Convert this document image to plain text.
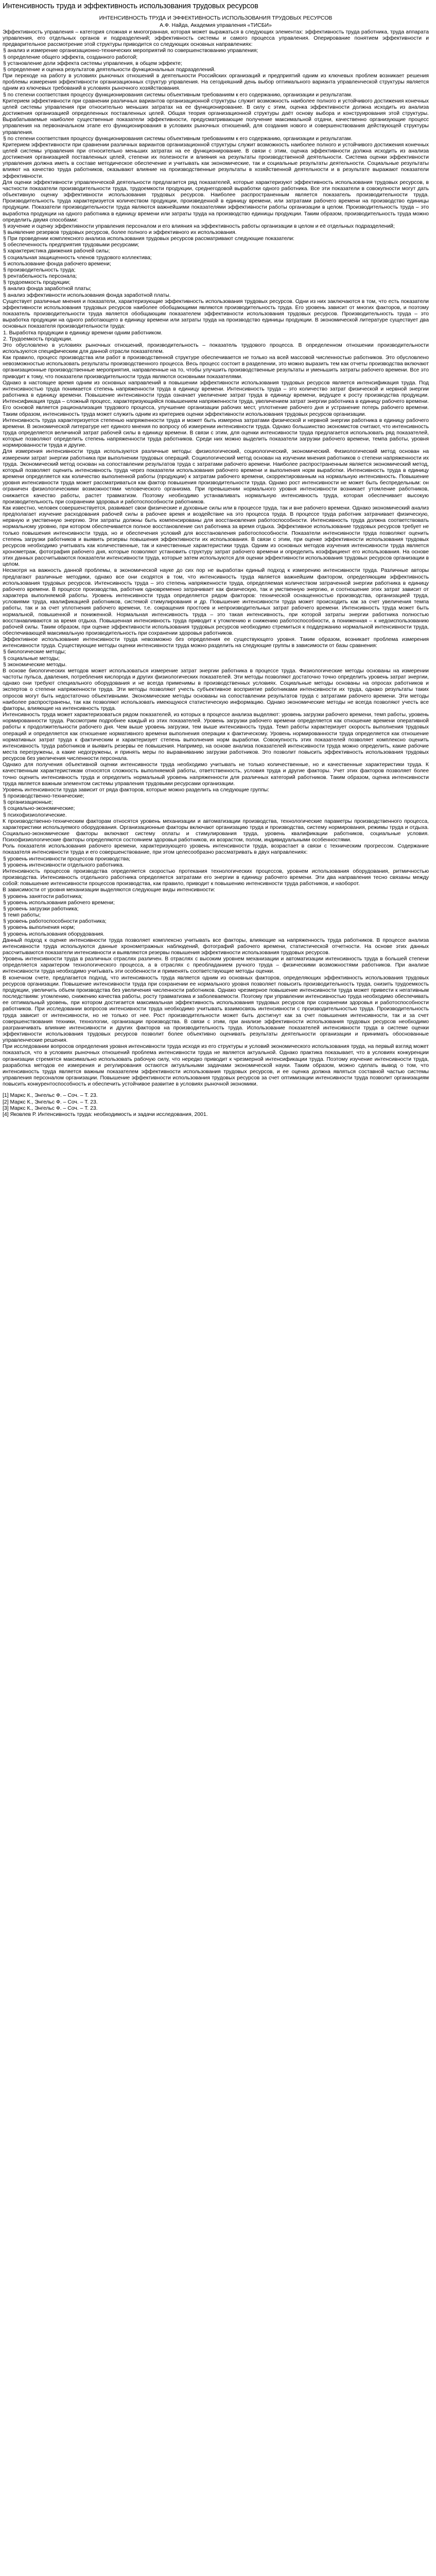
Интенсивность труда и эффективность использования трудовых ресурсов
ИНТЕНСИВНОСТЬ ТРУДА И ЭФФЕКТИВНОСТЬ ИСПОЛЬЗОВАНИЯ ТРУДОВЫХ РЕСУРСОВ
А.Ф. Найда, Академия управления «ТИСБИ»

Эффективность управления – категория сложная и многогранная, которая может выражаться в следующих элементах: эффективность труда работника, труда аппарата управления, его отдельных органов и подразделений; эффективность системы и самого процесса управления. Оперирование понятием эффективности и предварительное рассмотрение этой структуры приводится со следующих основных направлениях:

§ анализ и измерение организационно-технических мероприятий по совершенствованию управления;

§ определение общего эффекта, созданного работой;

§ установление доли эффекта системы управления, в общем эффекте;

§ определение и оценка результатов деятельности функциональных подразделений.

При переходе на работу в условиях рыночных отношений в деятельности Российских организаций и предприятий одним из ключевых проблем возникает решения проблемы измерения эффективности организационных структур управления. На сегодняшний день выбор оптимального варианта управленческой структуры является одним из ключевых требований в условиях рыночного хозяйствования.

§ по степени соответствия процессу функционирования системы объективным требованиям к его содержанию, организации и результатам.

Критерием эффективности при сравнении различных вариантов организационной структуры служит возможность наиболее полного и устойчивого достижения конечных целей системы управления при относительно меньших затратах на ее функционирование. В силу с этим, оценка эффективности должна исходить из анализа достижения организацией определенных поставленных целей. Общая теория организационной структуры даёт основу выбора и конструирования этой структуры. Вырабатываемые наиболее существенные показатели эффективности, предусматривающие получение максимальной отдачи, качественно организующие процесс управления на первоначальном этапе его функционирования в условиях рыночных отношений, для создания нового и совершенствования действующей структуры управления.

§ по степени соответствия процессу функционирования системы объективным требованиям к его содержанию, организации и результатам.

Критерием эффективности при сравнении различных вариантов организационной структуры служит возможность наиболее полного и устойчивого достижения конечных целей системы управления при относительно меньших затратах на ее функционирование. В связи с этим, оценка эффективности должна исходить из анализа достижения организацией поставленных целей, степени их полезности и влияния на результаты производственной деятельности. Система оценки эффективности управления должна иметь в составе методическое обеспечение и учитывать как экономические, так и социальные результаты деятельности. Социальные результаты влияют на качество труда работников, оказывают влияние на производственные результаты в хозяйственной деятельности и в результате выражают показатели эффективности.

Для оценки эффективности управленческой деятельности предлагается ряд показателей, которые характеризуют эффективность использования трудовых ресурсов, в частности показатели производительности труда, трудоемкости продукции, среднегодовой выработки одного работника. Все эти показатели в совокупности могут дать объективную оценку эффективности использования трудовых ресурсов. Наиболее распространенным является показатель производительности труда. Производительность труда характеризуется количеством продукции, произведенной в единицу времени, или затратами рабочего времени на производство единицы продукции. Показатели производительности труда являются важнейшими показателями эффективности работы организации в целом. Производительность труда – это выработка продукции на одного работника в единицу времени или затраты труда на производство единицы продукции. Таким образом, производительность труда можно определить двумя способами:

§ изучение и оценку эффективности управления персоналом и его влияния на эффективность работы организации в целом и её отдельных подразделений;

§ выявление резервов трудовых ресурсов, более полного и эффективного их использования.

§ При проведении комплексного анализа использования трудовых ресурсов рассматривают следующие показатели:

§ обеспеченность предприятия трудовыми ресурсами;

§ характеристика движения рабочей силы;

§ социальная защищенность членов трудового коллектива;

§ использование фонда рабочего времени;

§ производительность труда;

§ рентабельность персонала;

§ трудоемкость продукции;

§ анализ фонда заработной платы;

§ анализ эффективности использования фонда заработной платы.

Существует различные мнения и показатели, характеризующие эффективность использования трудовых ресурсов. Одни из них заключаются в том, что есть показатели эффективности использования трудовых ресурсов наиболее обобщающими являются производительность труда. Его уровень зависит от многих факторов, и поэтому показатель производительности труда является обобщающим показателем эффективности использования трудовых ресурсов. Производительность труда – это выработка продукции на одного работающего в единицу времени или затраты труда на производство единицы продукции. В экономической литературе существует два основных показателя производительности труда:

1. Выработка продукции в единицу времени одним работником.

2. Трудоемкость продукции.

Это обусловлено в условиях рыночных отношений, производительность – показатель трудового процесса. В определенном отношении производительности используются специфическим для данной отрасли показателем.

Как правило, процесс производства или работ в производственной структуре обеспечивается не только на всей массовой численностью работников. Это обусловлено невозможностью использовать результаты производственного процесса. Весь процесс состоит в разделении, это можно выразить тем как отчеты производства включают организационные производственные мероприятия, направленные на то, чтобы улучшить производственные результаты и уменьшить затраты рабочего времени. Все это приводит к тому, что показатели производительности труда являются основными показателями.

Однако в настоящее время одним из основных направлений в повышении эффективности использования трудовых ресурсов является интенсификация труда. Под интенсивностью труда понимается степень напряженности труда в единицу времени. Интенсивность труда – это количество затрат физической и нервной энергии работника в единицу времени. Повышение интенсивности труда означает увеличение затрат труда в единицу времени, ведущее к росту производства продукции. Интенсификация труда – сложный процесс, характеризующийся повышением напряженности труда, увеличением затрат энергии работника в единицу рабочего времени. Его основой является рационализация трудового процесса, улучшение организации рабочих мест, уплотнение рабочего дня и устранение потерь рабочего времени. Таким образом, интенсивность труда может служить одним из критериев оценки эффективности использования трудовых ресурсов организации.

Интенсивность труда характеризуется степенью напряженности труда и может быть измерена затратами физической и нервной энергии работника в единицу рабочего времени. В экономической литературе нет единого мнения по вопросу об измерении интенсивности труда. Однако большинство экономистов считают, что интенсивность труда определяется величиной затрат рабочей силы в единицу времени. В связи с этим, для оценки интенсивности труда предлагается использовать ряд показателей, которые позволяют определить степень напряженности труда работников. Среди них можно выделить показатели загрузки рабочего времени, темпа работы, уровня нормированности труда и другие.

Для измерения интенсивности труда используются различные методы: физиологический, социологический, экономический. Физиологический метод основан на измерении затрат энергии работника при выполнении трудовых операций. Социологический метод основан на изучении мнения работников о степени напряженности их труда. Экономический метод основан на сопоставлении результатов труда с затратами рабочего времени. Наиболее распространенным является экономический метод, который позволяет оценить интенсивность труда через показатели использования рабочего времени и выполнения норм выработки. Интенсивность труда в единицу времени определяется как количество выполненной работы (продукции) к затратам рабочего времени, скорректированным на нормальную интенсивность. Повышение уровня интенсивности труда может рассматриваться как фактор повышения производительности труда. Однако рост интенсивности не может быть беспредельным: он ограничен физиологическими возможностями человеческого организма. При превышении нормального уровня интенсивности возникает утомление работников, снижается качество работы, растет травматизм. Поэтому необходимо устанавливать нормальную интенсивность труда, которая обеспечивает высокую производительность при сохранении здоровья и работоспособности работников.

Как известно, человек совершенствуется, развивает свои физические и духовные силы или в процессе труда, так и вне рабочего времени. Однако экономический анализ предполагает изучение расходования рабочей силы в рабочее время и воздействие на это процесса труда. В процессе труда работник затрачивает физическую, нервную и умственную энергию. Эти затраты должны быть компенсированы для восстановления работоспособности. Интенсивность труда должна соответствовать нормальному уровню, при котором обеспечивается полное восстановление сил работника за время отдыха. Эффективное использование трудовых ресурсов требует не только повышения интенсивности труда, но и обеспечения условий для восстановления работоспособности. Показатели интенсивности труда позволяют оценить степень загрузки работников и выявить резервы повышения эффективности их использования. В связи с этим, при оценке эффективности использования трудовых ресурсов необходимо учитывать как количественные, так и качественные характеристики труда. Одним из основных методов изучения интенсивности труда является хронометраж, фотография рабочего дня, которые позволяют установить структуру затрат рабочего времени и определить коэффициент его использования. На основе этих данных рассчитываются показатели интенсивности труда, которые затем используются для оценки эффективности использования трудовых ресурсов организации в целом.

Несмотря на важность данной проблемы, в экономической науке до сих пор не выработан единый подход к измерению интенсивности труда. Различные авторы предлагают различные методики, однако все они сходятся в том, что интенсивность труда является важнейшим фактором, определяющим эффективность использования трудовых ресурсов. Интенсивность труда – это степень напряженности труда, определяемая количеством затраченной энергии работника в единицу рабочего времени. В процессе производства, работник одновременно затрачивает как физическую, так и умственную энергию, и соотношение этих затрат зависит от характера выполняемой работы. Уровень интенсивности труда определяется рядом факторов: технической оснащенностью производства, организацией труда, условиями труда, квалификацией работников, системой стимулирования и др. Повышение интенсивности труда может происходить как за счет увеличения темпа работы, так и за счет уплотнения рабочего времени, т.е. сокращения простоев и непроизводительных затрат рабочего времени. Интенсивность труда может быть нормальной, повышенной и пониженной. Нормальная интенсивность труда – это такая интенсивность, при которой затраты энергии работника полностью восстанавливаются за время отдыха. Повышенная интенсивность труда приводит к утомлению и снижению работоспособности, а пониженная – к недоиспользованию рабочей силы. Таким образом, при оценке эффективности использования трудовых ресурсов необходимо стремиться к поддержанию нормальной интенсивности труда, обеспечивающей максимальную производительность при сохранении здоровья работников.

Эффективное использование интенсивности труда невозможно без определения ее существующего уровня. Таким образом, возникает проблема измерения интенсивности труда. Существующие методы оценки интенсивности труда можно разделить на следующие группы в зависимости от базы сравнения:

§ биологические методы;

§ социальные методы;

§ экономические методы.

В основе биологических методов может использоваться измерение затрат энергии работника в процессе труда. Физиологические методы основаны на измерении частоты пульса, давления, потребления кислорода и других физиологических показателей. Эти методы позволяют достаточно точно определить уровень затрат энергии, однако они требуют специального оборудования и не всегда применимы в производственных условиях. Социальные методы основаны на опросах работников и экспертов о степени напряженности труда. Эти методы позволяют учесть субъективное восприятие работниками интенсивности их труда, однако результаты таких опросов могут быть недостаточно объективными. Экономические методы основаны на сопоставлении результатов труда с затратами рабочего времени. Эти методы наиболее распространены, так как позволяют использовать имеющуюся статистическую информацию. Однако экономические методы не всегда позволяют учесть все факторы, влияющие на интенсивность труда.

Интенсивность труда может характеризоваться рядом показателей, из которых в процессе анализа выделяют: уровень загрузки рабочего времени, темп работы, уровень нормированности труда. Рассмотрим подробнее каждый из этих показателей. Уровень загрузки рабочего времени определяется как отношение времени оперативной работы к продолжительности рабочего дня. Чем выше уровень загрузки, тем выше интенсивность труда. Темп работы характеризует скорость выполнения трудовых операций и определяется как отношение нормативного времени выполнения операции к фактическому. Уровень нормированности труда определяется как отношение нормативных затрат труда к фактическим и характеризует степень выполнения норм выработки. Совокупность этих показателей позволяет комплексно оценить интенсивность труда работников и выявить резервы ее повышения. Например, на основе анализа показателей интенсивности труда можно определить, какие рабочие места перегружены, а какие недогружены, и принять меры по выравниванию загрузки работников. Это позволит повысить эффективность использования трудовых ресурсов без увеличения численности персонала.

Однако для получения объективной оценки интенсивности труда необходимо учитывать не только количественные, но и качественные характеристики труда. К качественным характеристикам относятся сложность выполняемой работы, ответственность, условия труда и другие факторы. Учет этих факторов позволяет более точно оценить интенсивность труда и определить нормальный уровень напряженности для различных категорий работников. Таким образом, оценка интенсивности труда является важным элементом системы управления трудовыми ресурсами организации.

Уровень интенсивности труда зависит от ряда факторов, которые можно разделить на следующие группы:

§ производственно-технические;

§ организационные;

§ социально-экономические;

§ психофизиологические.

К производственно-техническим факторам относятся уровень механизации и автоматизации производства, технологические параметры производственного процесса, характеристики используемого оборудования. Организационные факторы включают организацию труда и производства, систему нормирования, режимы труда и отдыха. Социально-экономические факторы включают систему оплаты и стимулирования труда, уровень квалификации работников, социальные условия. Психофизиологические факторы определяются состоянием здоровья работников, их возрастом, полом, индивидуальными особенностями.

Роль показателя использования рабочего времени, характеризующего уровень интенсивности труда, возрастает в связи с техническим прогрессом. Содержание показателя интенсивности труда и его совершенствование, при этом целесообразно рассматривать в двух направлениях:

§ уровень интенсивности процессов производства;

§ уровень интенсивности отдельного работника.

Интенсивность процессов производства определяется скоростью протекания технологических процессов, уровнем использования оборудования, ритмичностью производства. Интенсивность отдельного работника определяется затратами его энергии в единицу рабочего времени. Эти два направления тесно связаны между собой: повышение интенсивности процессов производства, как правило, приводит к повышению интенсивности труда работников, и наоборот.

В зависимости от уровня механизации выделяются следующие виды интенсивности:

§ уровень занятости работника;

§ уровень использования рабочего времени;

§ уровень загрузки работника;

§ темп работы;

§ уровень работоспособности работника;

§ уровень выполнения норм;

§ уровень использования оборудования.

Данный подход к оценке интенсивности труда позволяет комплексно учитывать все факторы, влияющие на напряженность труда работников. В процессе анализа интенсивности труда используются данные хронометражных наблюдений, фотографий рабочего времени, статистической отчетности. На основе этих данных рассчитываются показатели интенсивности и выявляются резервы повышения эффективности использования трудовых ресурсов.

Уровень интенсивности труда в различных отраслях различен. В отраслях с высоким уровнем механизации и автоматизации интенсивность труда в большей степени определяется характером технологического процесса, а в отраслях с преобладанием ручного труда – физическими возможностями работников. При анализе интенсивности труда необходимо учитывать эти особенности и применять соответствующие методы оценки.

В конечном счете, предлагается подход, что интенсивность труда является одним из основных факторов, определяющих эффективность использования трудовых ресурсов организации. Повышение интенсивности труда при сохранении ее нормального уровня позволяет повысить производительность труда, снизить трудоемкость продукции, увеличить объем производства без увеличения численности работников. Однако чрезмерное повышение интенсивности труда может привести к негативным последствиям: утомлению, снижению качества работы, росту травматизма и заболеваемости. Поэтому при управлении интенсивностью труда необходимо обеспечивать ее оптимальный уровень, при котором достигается максимальная эффективность использования трудовых ресурсов при сохранении здоровья и работоспособности работников. При исследовании вопросов интенсивности труда необходимо учитывать взаимосвязь интенсивности с производительностью труда. Производительность труда зависит от интенсивности, но не только от нее. Рост производительности может быть достигнут как за счет повышения интенсивности, так и за счет совершенствования техники, технологии, организации производства. В связи с этим, при анализе эффективности использования трудовых ресурсов необходимо разграничивать влияние интенсивности и других факторов на производительность труда. Использование показателей интенсивности труда в системе оценки эффективности использования трудовых ресурсов позволит более объективно оценивать результаты деятельности организации и принимать обоснованные управленческие решения.

При исследовании вопросов определения уровня интенсивности труда исходя из его структуры и условий экономического использования труда, на первый взгляд может показаться, что в условиях рыночных отношений проблема интенсивности труда не является актуальной. Однако практика показывает, что в условиях конкуренции организации стремятся максимально использовать рабочую силу, что нередко приводит к чрезмерной интенсификации труда. Поэтому изучение интенсивности труда, разработка методов ее измерения и регулирования остаются актуальными задачами экономической науки. Таким образом, можно сделать вывод о том, что интенсивность труда является важным показателем эффективности использования трудовых ресурсов, и ее оценка должна являться составной частью системы управления персоналом организации. Повышение эффективности использования трудовых ресурсов за счет оптимизации интенсивности труда позволит организациям повысить конкурентоспособность и обеспечить устойчивое развитие в условиях рыночной экономики.

[1] Маркс К., Энгельс Ф. – Соч. – Т. 23.

[2] Маркс К., Энгельс Ф. – Соч. – Т. 23.

[3] Mаркс К., Энгельс Ф. – Соч. – Т. 23.

[4] Яковлев Р. Интенсивность труда: необходимость и задачи исследования, 2001.
